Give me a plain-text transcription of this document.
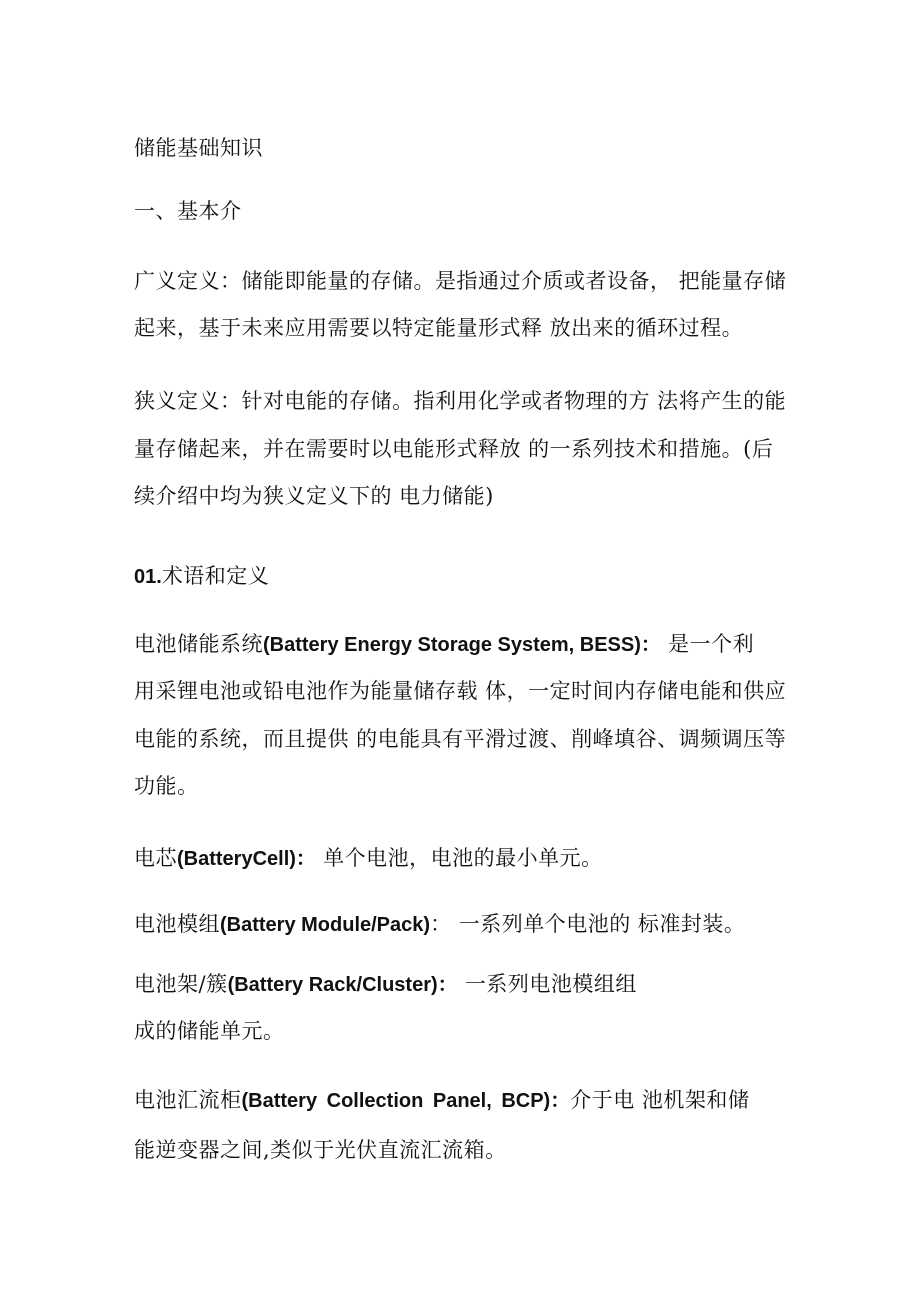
储能基础知识
一、基本介
广义定义：储能即能量的存储。是指通过介质或者设备， 把能量存储
起来，基于未来应用需要以特定能量形式释 放出来的循环过程。
狭义定义：针对电能的存储。指利用化学或者物理的方 法将产生的能
量存储起来，并在需要时以电能形式释放 的一系列技术和措施。(后
续介绍中均为狭义定义下的 电力储能)
01.术语和定义
电池储能系统(Battery Energy Storage System, BESS)： 是一个利
用采锂电池或铅电池作为能量储存载 体，一定时间内存储电能和供应
电能的系统，而且提供 的电能具有平滑过渡、削峰填谷、调频调压等
功能。
电芯(BatteryCell)： 单个电池，电池的最小单元。
电池模组(Battery Module/Pack)： 一系列单个电池的 标准封装。
电池架/簇(Battery Rack/Cluster)： 一系列电池模组组
成的储能单元。
电池汇流柜(Battery Collection Panel, BCP)：介于电 池机架和储
能逆变器之间,类似于光伏直流汇流箱。
